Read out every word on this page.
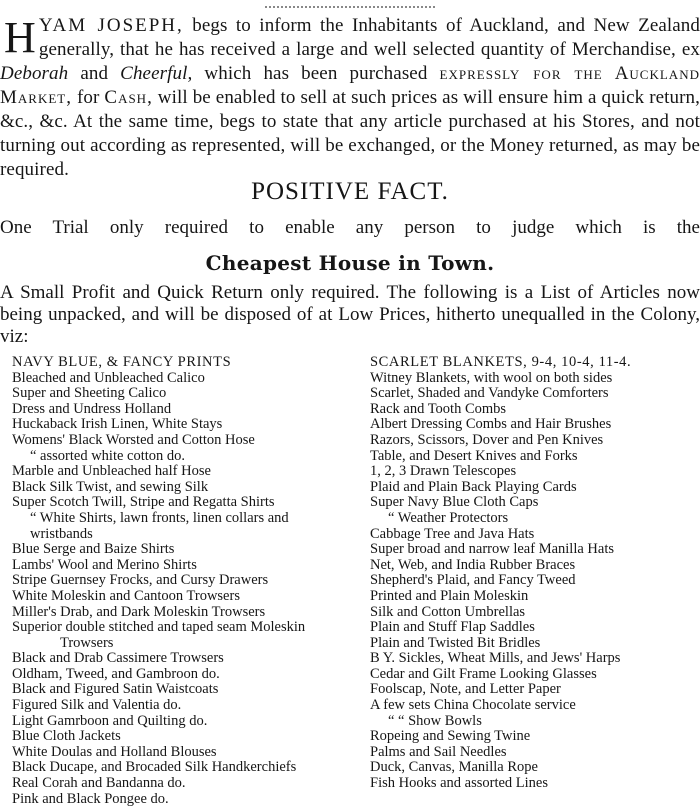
HYAM JOSEPH, begs to inform the Inhabitants of Auckland, and New Zealand generally, that he has received a large and well selected quantity of Merchandise, ex Deborah and Cheerful, which has been purchased expressly for the Auckland Market, for Cash, will be enabled to sell at such prices as will ensure him a quick return, &c., &c. At the same time, begs to state that any article purchased at his Stores, and not turning out according as represented, will be exchanged, or the Money returned, as may be required.
POSITIVE FACT.
One Trial only required to enable any person to judge which is the
Cheapest House in Town.
A Small Profit and Quick Return only required. The following is a List of Articles now being unpacked, and will be disposed of at Low Prices, hitherto unequalled in the Colony, viz:
NAVY BLUE, & FANCY PRINTS
Bleached and Unbleached Calico
Super and Sheeting Calico
Dress and Undress Holland
Huckaback Irish Linen, White Stays
Womens' Black Worsted and Cotton Hose
“ assorted white cotton do.
Marble and Unbleached half Hose
Black Silk Twist, and sewing Silk
Super Scotch Twill, Stripe and Regatta Shirts
“ White Shirts, lawn fronts, linen collars and
wristbands
Blue Serge and Baize Shirts
Lambs' Wool and Merino Shirts
Stripe Guernsey Frocks, and Cursy Drawers
White Moleskin and Cantoon Trowsers
Miller's Drab, and Dark Moleskin Trowsers
Superior double stitched and taped seam Moleskin
Trowsers
Black and Drab Cassimere Trowsers
Oldham, Tweed, and Gambroon do.
Black and Figured Satin Waistcoats
Figured Silk and Valentia do.
Light Gamrboon and Quilting do.
Blue Cloth Jackets
White Doulas and Holland Blouses
Black Ducape, and Brocaded Silk Handkerchiefs
Real Corah and Bandanna do.
Pink and Black Pongee do.
SCARLET BLANKETS, 9-4, 10-4, 11-4.
Witney Blankets, with wool on both sides
Scarlet, Shaded and Vandyke Comforters
Rack and Tooth Combs
Albert Dressing Combs and Hair Brushes
Razors, Scissors, Dover and Pen Knives
Table, and Desert Knives and Forks
1, 2, 3 Drawn Telescopes
Plaid and Plain Back Playing Cards
Super Navy Blue Cloth Caps
“ Weather Protectors
Cabbage Tree and Java Hats
Super broad and narrow leaf Manilla Hats
Net, Web, and India Rubber Braces
Shepherd's Plaid, and Fancy Tweed
Printed and Plain Moleskin
Silk and Cotton Umbrellas
Plain and Stuff Flap Saddles
Plain and Twisted Bit Bridles
B Y. Sickles, Wheat Mills, and Jews' Harps
Cedar and Gilt Frame Looking Glasses
Foolscap, Note, and Letter Paper
A few sets China Chocolate service
“ “ Show Bowls
Ropeing and Sewing Twine
Palms and Sail Needles
Duck, Canvas, Manilla Rope
Fish Hooks and assorted Lines
